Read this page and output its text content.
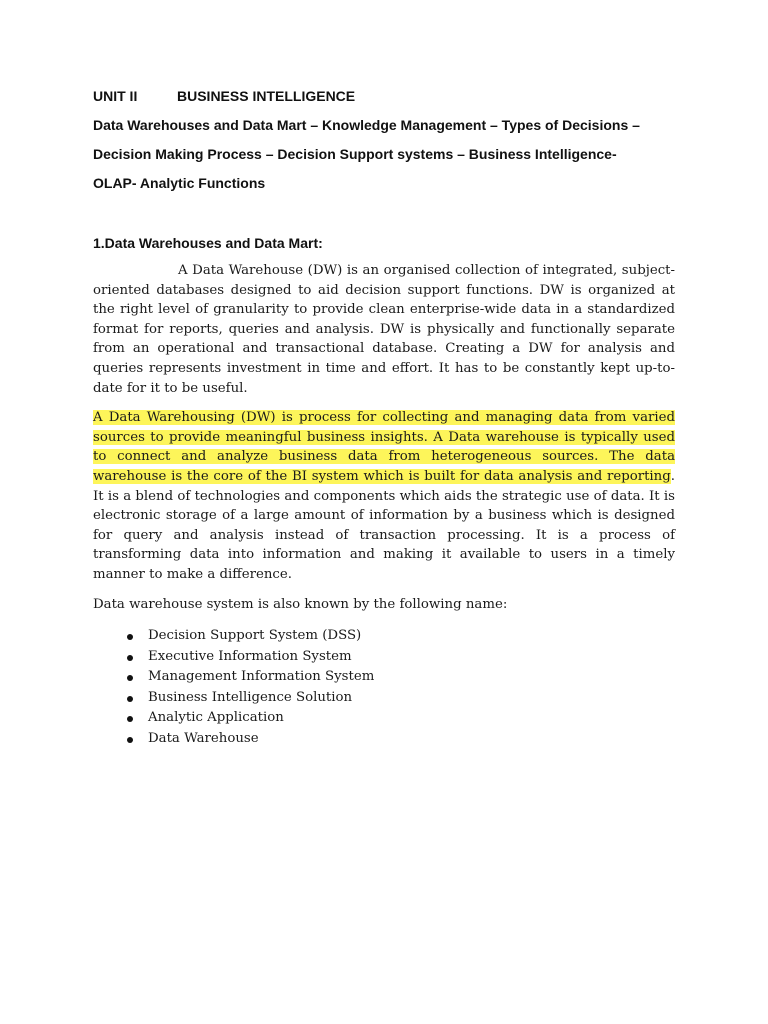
UNIT II	BUSINESS INTELLIGENCE

Data Warehouses and Data Mart – Knowledge Management – Types of Decisions –

Decision Making Process – Decision Support systems – Business Intelligence-

OLAP- Analytic Functions

1.Data Warehouses and Data Mart:

A Data Warehouse (DW) is an organised collection of integrated, subject-oriented databases designed to aid decision support functions. DW is organized at the right level of granularity to provide clean enterprise-wide data in a standardized format for reports, queries and analysis. DW is physically and functionally separate from an operational and transactional database. Creating a DW for analysis and queries represents investment in time and effort. It has to be constantly kept up-to-date for it to be useful.

A Data Warehousing (DW) is process for collecting and managing data from varied sources to provide meaningful business insights. A Data warehouse is typically used to connect and analyze business data from heterogeneous sources. The data warehouse is the core of the BI system which is built for data analysis and reporting. It is a blend of technologies and components which aids the strategic use of data. It is electronic storage of a large amount of information by a business which is designed for query and analysis instead of transaction processing. It is a process of transforming data into information and making it available to users in a timely manner to make a difference.

Data warehouse system is also known by the following name:

Decision Support System (DSS)
Executive Information System
Management Information System
Business Intelligence Solution
Analytic Application
Data Warehouse
